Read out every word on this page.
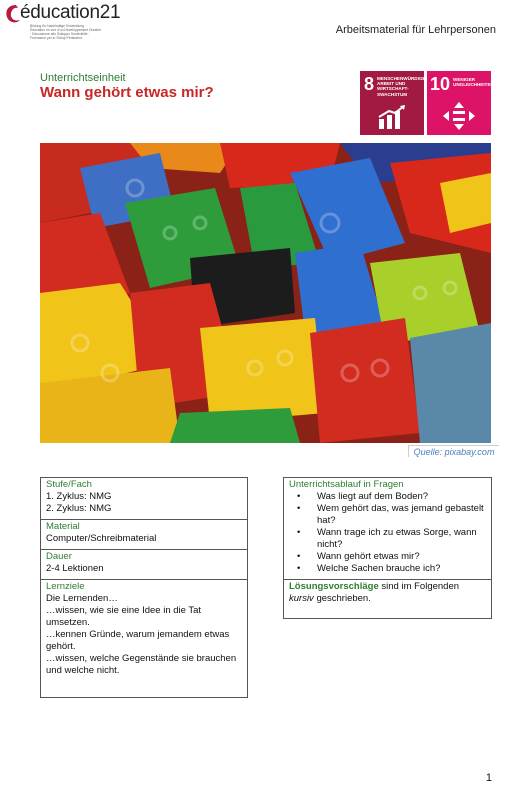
éducation21
Bildung für Nachhaltige Entwicklung · Éducation en vue d'un Développement Durable · Educazione allo Sviluppo Sostenibile · Furmaziun per in Svilup Persistent
Arbeitsmaterial für Lehrpersonen
Unterrichtseinheit
Wann gehört etwas mir?	8 MENSCHENWÜRDIGE ARBEIT UND WIRTSCHAFT-SWACHSTUM
10 WENIGER UNGLEICHHEITEN
Quelle: pixabay.com
Stufe/Fach

1. Zyklus: NMG

2. Zyklus: NMG

Material

Computer/Schreibmaterial

Dauer

2-4 Lektionen

Lernziele

Die Lernenden…

…wissen, wie sie eine Idee in die Tat umsetzen.

…kennen Gründe, warum jemandem etwas gehört.

…wissen, welche Gegenstände sie brauchen und welche nicht.

Unterrichtsablauf in Fragen
• Was liegt auf dem Boden?
• Wem gehört das, was jemand gebastelt hat?
• Wann trage ich zu etwas Sorge, wann nicht?
• Wann gehört etwas mir?
• Welche Sachen brauche ich?

Lösungsvorschläge sind im Folgenden
kursiv geschrieben.

1
